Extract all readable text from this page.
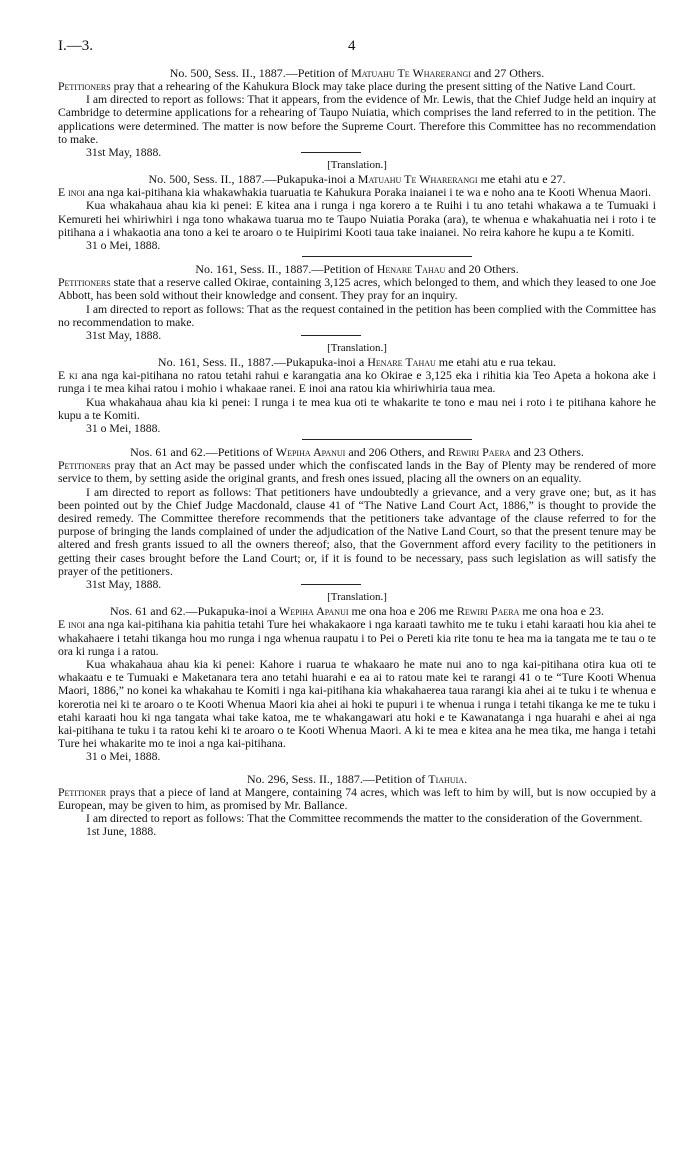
I.—3.	4

No. 500, Sess. II., 1887.—Petition of Matuahu Te Wharerangi and 27 Others.

Petitioners pray that a rehearing of the Kahukura Block may take place during the present sitting of the Native Land Court.

I am directed to report as follows: That it appears, from the evidence of Mr. Lewis, that the Chief Judge held an inquiry at Cambridge to determine applications for a rehearing of Taupo Nuiatia, which comprises the land referred to in the petition. The applications were determined. The matter is now before the Supreme Court. Therefore this Committee has no recommendation to make.

31st May, 1888.

[Translation.]

No. 500, Sess. II., 1887.—Pukapuka-inoi a Matuahu Te Wharerangi me etahi atu e 27.

E inoi ana nga kai-pitihana kia whakawhakia tuaruatia te Kahukura Poraka inaianei i te wa e noho ana te Kooti Whenua Maori.

Kua whakahaua ahau kia ki penei: E kitea ana i runga i nga korero a te Ruihi i tu ano tetahi whakawa a te Tumuaki i Kemureti hei whiriwhiri i nga tono whakawa tuarua mo te Taupo Nuiatia Poraka (ara), te whenua e whakahuatia nei i roto i te pitihana a i whakaotia ana tono a kei te aroaro o te Huipirimi Kooti taua take inaianei. No reira kahore he kupu a te Komiti.

31 o Mei, 1888.

No. 161, Sess. II., 1887.—Petition of Henare Tahau and 20 Others.

Petitioners state that a reserve called Okirae, containing 3,125 acres, which belonged to them, and which they leased to one Joe Abbott, has been sold without their knowledge and consent. They pray for an inquiry.

I am directed to report as follows: That as the request contained in the petition has been complied with the Committee has no recommendation to make.

31st May, 1888.

[Translation.]

No. 161, Sess. II., 1887.—Pukapuka-inoi a Henare Tahau me etahi atu e rua tekau.

E ki ana nga kai-pitihana no ratou tetahi rahui e karangatia ana ko Okirae e 3,125 eka i rihitia kia Teo Apeta a hokona ake i runga i te mea kihai ratou i mohio i whakaae ranei. E inoi ana ratou kia whiriwhiria taua mea.

Kua whakahaua ahau kia ki penei: I runga i te mea kua oti te whakarite te tono e mau nei i roto i te pitihana kahore he kupu a te Komiti.

31 o Mei, 1888.

Nos. 61 and 62.—Petitions of Wepiha Apanui and 206 Others, and Rewiri Paera and 23 Others.

Petitioners pray that an Act may be passed under which the confiscated lands in the Bay of Plenty may be rendered of more service to them, by setting aside the original grants, and fresh ones issued, placing all the owners on an equality.

I am directed to report as follows: That petitioners have undoubtedly a grievance, and a very grave one; but, as it has been pointed out by the Chief Judge Macdonald, clause 41 of “The Native Land Court Act, 1886,” is thought to provide the desired remedy. The Committee therefore recommends that the petitioners take advantage of the clause referred to for the purpose of bringing the lands complained of under the adjudication of the Native Land Court, so that the present tenure may be altered and fresh grants issued to all the owners thereof; also, that the Government afford every facility to the petitioners in getting their cases brought before the Land Court; or, if it is found to be necessary, pass such legislation as will satisfy the prayer of the petitioners.

31st May, 1888.

[Translation.]

Nos. 61 and 62.—Pukapuka-inoi a Wepiha Apanui me ona hoa e 206 me Rewiri Paera me ona hoa e 23.

E inoi ana nga kai-pitihana kia pahitia tetahi Ture hei whakakaore i nga karaati tawhito me te tuku i etahi karaati hou kia ahei te whakahaere i tetahi tikanga hou mo runga i nga whenua raupatu i to Pei o Pereti kia rite tonu te hea ma ia tangata me te tau o te ora ki runga i a ratou.

Kua whakahaua ahau kia ki penei: Kahore i ruarua te whakaaro he mate nui ano to nga kai-pitihana otira kua oti te whakaatu e te Tumuaki e Maketanara tera ano tetahi huarahi e ea ai to ratou mate kei te rarangi 41 o te “Ture Kooti Whenua Maori, 1886,” no konei ka whakahau te Komiti i nga kai-pitihana kia whakahaerea taua rarangi kia ahei ai te tuku i te whenua e korerotia nei ki te aroaro o te Kooti Whenua Maori kia ahei ai hoki te pupuri i te whenua i runga i tetahi tikanga ke me te tuku i etahi karaati hou ki nga tangata whai take katoa, me te whakangawari atu hoki e te Kawanatanga i nga huarahi e ahei ai nga kai-pitihana te tuku i ta ratou kehi ki te aroaro o te Kooti Whenua Maori. A ki te mea e kitea ana he mea tika, me hanga i tetahi Ture hei whakarite mo te inoi a nga kai-pitihana.

31 o Mei, 1888.

No. 296, Sess. II., 1887.—Petition of Tiahuia.

Petitioner prays that a piece of land at Mangere, containing 74 acres, which was left to him by will, but is now occupied by a European, may be given to him, as promised by Mr. Ballance.

I am directed to report as follows: That the Committee recommends the matter to the consideration of the Government.

1st June, 1888.
